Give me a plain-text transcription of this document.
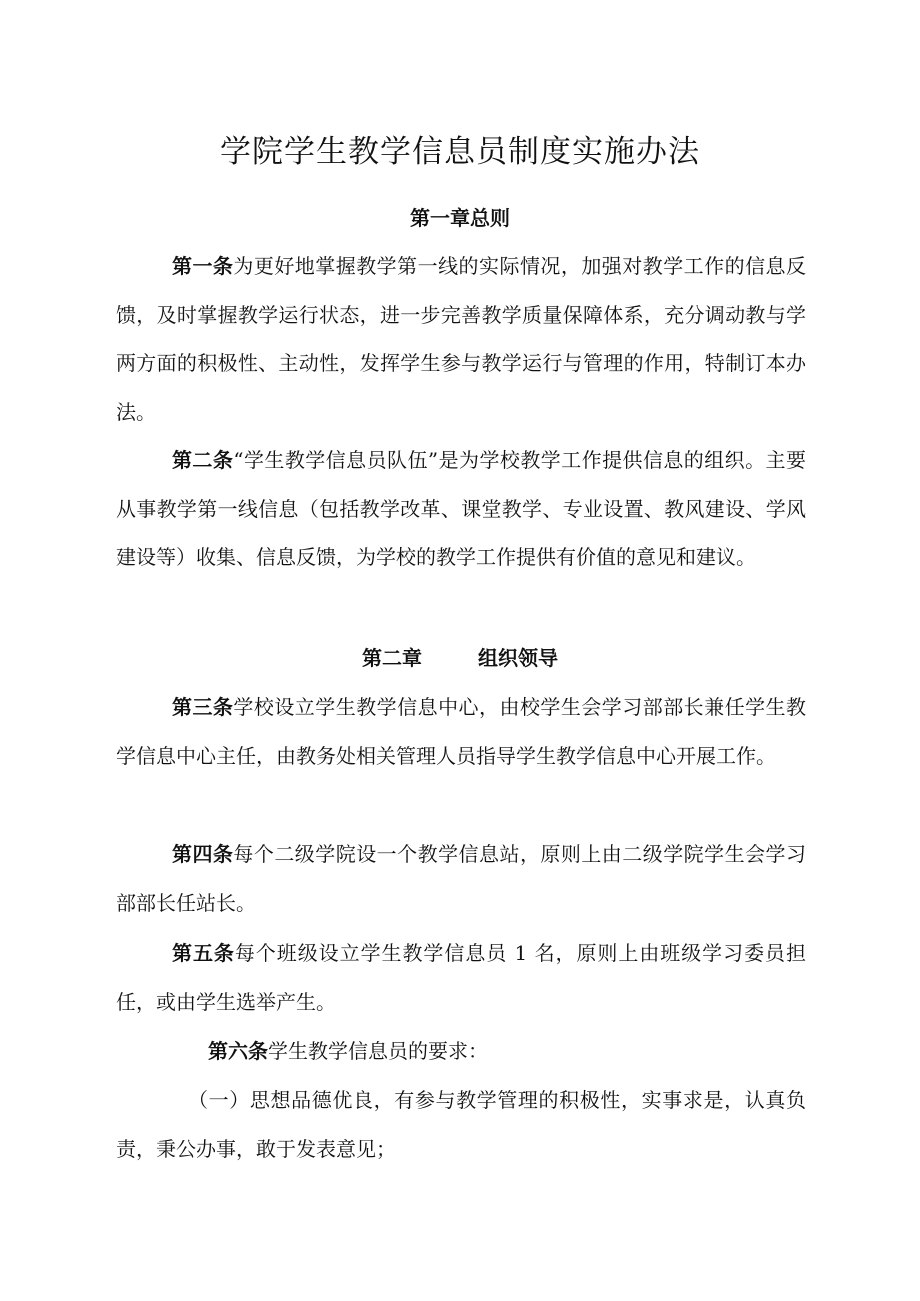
学院学生教学信息员制度实施办法
第一章总则

第一条为更好地掌握教学第一线的实际情况，加强对教学工作的信息反馈，及时掌握教学运行状态，进一步完善教学质量保障体系，充分调动教与学两方面的积极性、主动性，发挥学生参与教学运行与管理的作用，特制订本办法。

第二条“学生教学信息员队伍”是为学校教学工作提供信息的组织。主要从事教学第一线信息（包括教学改革、课堂教学、专业设置、教风建设、学风建设等）收集、信息反馈，为学校的教学工作提供有价值的意见和建议。

第二章	组织领导

第三条学校设立学生教学信息中心，由校学生会学习部部长兼任学生教学信息中心主任，由教务处相关管理人员指导学生教学信息中心开展工作。

第四条每个二级学院设一个教学信息站，原则上由二级学院学生会学习部部长任站长。

第五条每个班级设立学生教学信息员 1 名，原则上由班级学习委员担任，或由学生选举产生。

第六条学生教学信息员的要求：

（一）思想品德优良，有参与教学管理的积极性，实事求是，认真负责，秉公办事，敢于发表意见；
